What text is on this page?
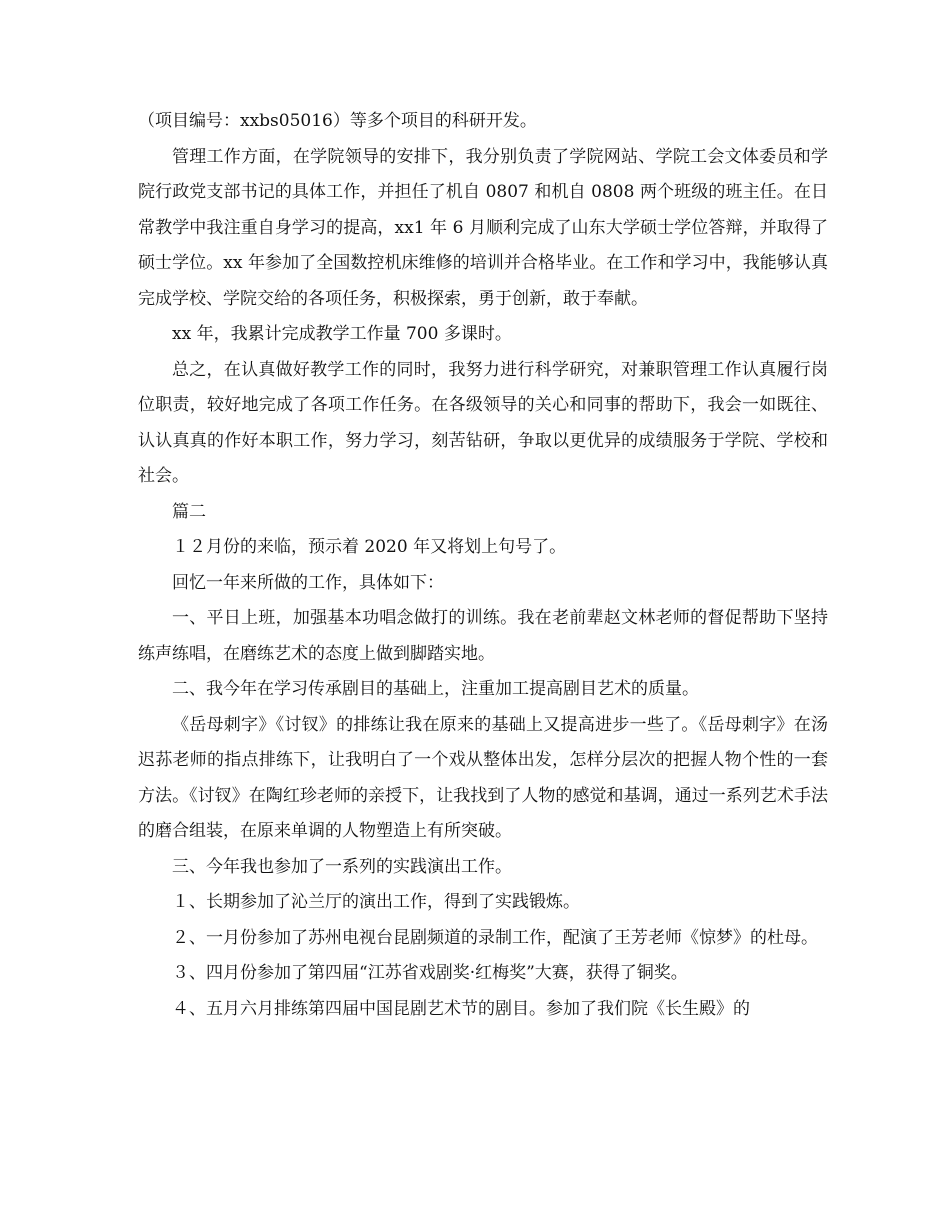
（项目编号：xxbs05016）等多个项目的科研开发。

管理工作方面，在学院领导的安排下，我分别负责了学院网站、学院工会文体委员和学院行政党支部书记的具体工作，并担任了机自 0807 和机自 0808 两个班级的班主任。在日常教学中我注重自身学习的提高，xx1 年 6 月顺利完成了山东大学硕士学位答辩，并取得了硕士学位。xx 年参加了全国数控机床维修的培训并合格毕业。在工作和学习中，我能够认真完成学校、学院交给的各项任务，积极探索，勇于创新，敢于奉献。

xx 年，我累计完成教学工作量 700 多课时。

总之，在认真做好教学工作的同时，我努力进行科学研究，对兼职管理工作认真履行岗位职责，较好地完成了各项工作任务。在各级领导的关心和同事的帮助下，我会一如既往、认认真真的作好本职工作，努力学习，刻苦钻研，争取以更优异的成绩服务于学院、学校和社会。

篇二

１２月份的来临，预示着 2020 年又将划上句号了。

回忆一年来所做的工作，具体如下：

一、平日上班，加强基本功唱念做打的训练。我在老前辈赵文林老师的督促帮助下坚持练声练唱，在磨练艺术的态度上做到脚踏实地。

二、我今年在学习传承剧目的基础上，注重加工提高剧目艺术的质量。

《岳母刺字》《讨钗》的排练让我在原来的基础上又提高进步一些了。《岳母刺字》在汤迟荪老师的指点排练下，让我明白了一个戏从整体出发，怎样分层次的把握人物个性的一套方法。《讨钗》在陶红珍老师的亲授下，让我找到了人物的感觉和基调，通过一系列艺术手法的磨合组装，在原来单调的人物塑造上有所突破。

三、今年我也参加了一系列的实践演出工作。

１、长期参加了沁兰厅的演出工作，得到了实践锻炼。

２、一月份参加了苏州电视台昆剧频道的录制工作，配演了王芳老师《惊梦》的杜母。

３、四月份参加了第四届“江苏省戏剧奖·红梅奖”大赛，获得了铜奖。

４、五月六月排练第四届中国昆剧艺术节的剧目。参加了我们院《长生殿》的
